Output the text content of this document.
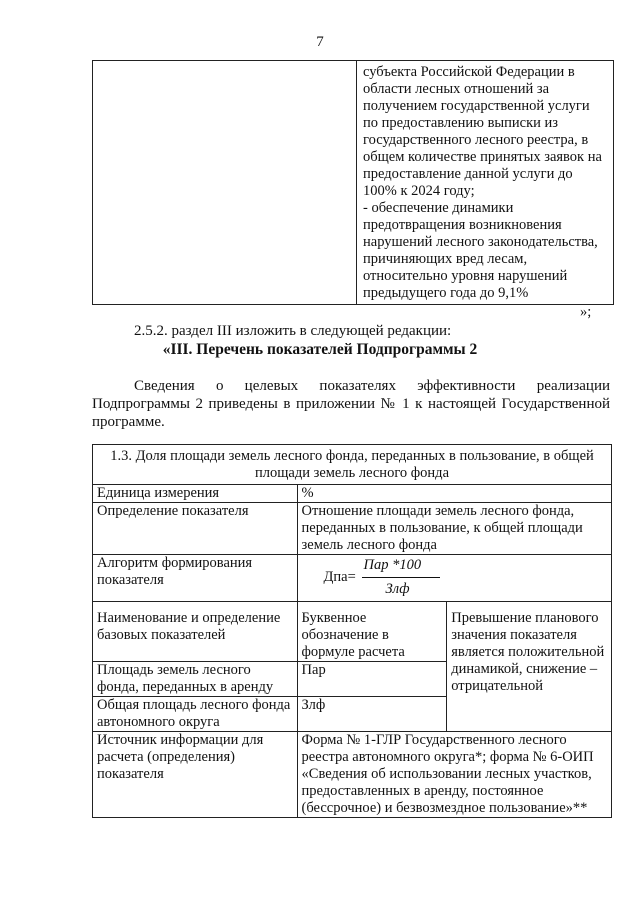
7

субъекта Российской Федерации в
области лесных отношений за
получением государственной услуги
по предоставлению выписки из
государственного лесного реестра, в
общем количестве принятых заявок на
предоставление данной услуги до
100% к 2024 году;
- обеспечение динамики
предотвращения возникновения
нарушений лесного законодательства,
причиняющих вред лесам,
относительно уровня нарушений
предыдущего года до 9,1%
»;
2.5.2. раздел III изложить в следующей редакции:
«III. Перечень показателей Подпрограммы 2
Сведения о целевых показателях эффективности реализации Подпрограммы 2 приведены в приложении № 1 к настоящей Государственной программе.
1.3. Доля площади земель лесного фонда, переданных в пользование, в общей площади земель лесного фонда		
Единица измерения	%	
Определение показателя	Отношение площади земель лесного фонда, переданных в пользование, к общей площади земель лесного фонда	
Алгоритм формирования показателя	Дпа=
Пар *100
Злф	

Наименование и определение базовых показателей	Буквенное обозначение в формуле расчета	Превышение планового значения показателя является положительной динамикой, снижение – отрицательной
Площадь земель лесного фонда, переданных в аренду	Пар	
Общая площадь лесного фонда автономного округа	Злф	
Источник информации для расчета (определения) показателя	Форма № 1-ГЛР Государственного лесного реестра автономного округа*; форма № 6-ОИП «Сведения об использовании лесных участков, предоставленных в аренду, постоянное (бессрочное) и безвозмездное пользование»**	
